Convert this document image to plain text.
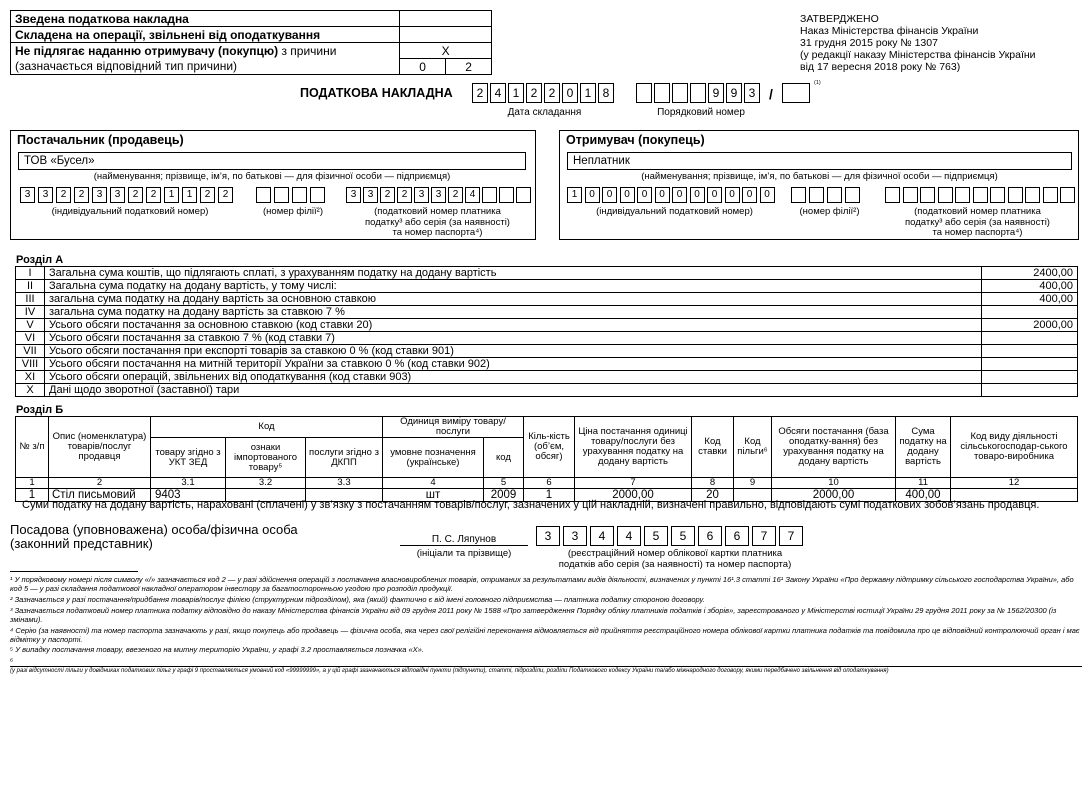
Зведена податкова накладна		
Складена на операції, звільнені від оподаткування		
Не підлягає наданню отримувачу (покупцю) з причини	Х	
(зазначається відповідний тип причини)	0	2
ЗАТВЕРДЖЕНО
Наказ Міністерства фінансів України
31 грудня 2015 року № 1307
(у редакції наказу Міністерства фінансів України
від 17 вересня 2018 року № 763)
ПОДАТКОВА НАКЛАДНА	2 4 1 2 2 0 1 8	9 9 3 /
(1)
Дата складання	Порядковий номер
Постачальник (продавець)
ТОВ «Бусел»
(найменування; прізвище, ім’я, по батькові — для фізичної особи — підприємця)
3	3	2	2	3	3	2	2	1	1	2	2	3	3	2	2	3	3	2	4
(індивідуальний податковий номер)	(номер філії²)	(податковий номер платника
податку³ або серія (за наявності)
та номер паспорта⁴)
Отримувач (покупець)
Неплатник
(найменування; прізвище, ім’я, по батькові — для фізичної особи — підприємця)
1	0	0	0	0	0	0	0	0	0	0	0
(індивідуальний податковий номер)	(номер філії²)	(податковий номер платника
податку³ або серія (за наявності)
та номер паспорта⁴)
Розділ А
I	Загальна сума коштів, що підлягають сплаті, з урахуванням податку на додану вартість	2400,00
II	Загальна сума податку на додану вартість, у тому числі:	400,00
III	загальна сума податку на додану вартість за основною ставкою	400,00
IV	загальна сума податку на додану вартість за ставкою 7 %	
V	Усього обсяги постачання за основною ставкою (код ставки 20)	2000,00
VI	Усього обсяги постачання за ставкою 7 % (код ставки 7)	
VII	Усього обсяги постачання при експорті товарів за ставкою 0 % (код ставки 901)	
VIII	Усього обсяги постачання на митній території України за ставкою 0 % (код ставки 902)	
XI	Усього обсяги операцій, звільнених від оподаткування (код ставки 903)	
X	Дані щодо зворотної (заставної) тари	
Розділ Б
№ з/п	Опис (номенклатура) товарів/послуг продавця	Код			Одиниця виміру товару/послуги		Кіль-кість (об’єм, обсяг)	Ціна постачання одиниці товару/послуги без урахування податку на додану вартість	Код ставки	Код пільги⁶	Обсяги постачання (база оподатку-вання) без урахування податку на додану вартість	Сума податку на додану вартість	Код виду діяльності сільськогосподар-ського товаро-виробника
		товару згідно з УКТ ЗЕД	ознаки імпортованого товару⁵	послуги згідно з ДКПП	умовне позначення (українське)	код							
1	2	3.1	3.2	3.3	4	5	6	7	8	9	10	11	12
1	Стіл письмовий	9403			шт	2009	1	2000,00	20		2000,00	400,00	
Суми податку на додану вартість, нараховані (сплачені) у зв’язку з постачанням товарів/послуг, зазначених у цій накладній, визначені правильно, відповідають сумі податкових зобов’язань продавця.
Посадова (уповноважена) особа/фізична особа
(законний представник)	П. С. Ляпунов
(ініціали та прізвище)
3	3	4	4	5	5	6	6	7	7
(реєстраційний номер облікової картки платника
податків або серія (за наявності) та номер паспорта)

¹ У порядковому номері після символу «/» зазначається код 2 — у разі здійснення операцій з постачання власновироблених товарів, отриманих за результатами видів діяльності, визначених у пункті 16¹.3 статті 16¹ Закону України «Про державну підтримку сільського господарства України», або код 5 — у разі складання податкової накладної оператором інвестору за багатосторонньою угодою про розподіл продукції.

² Зазначається у разі постачання/придбання товарів/послуг філією (структурним підрозділом), яка (який) фактично є від імені головного підприємства — платника податку стороною договору.

³ Зазначається податковий номер платника податку відповідно до наказу Міністерства фінансів України від 09 грудня 2011 року № 1588 «Про затвердження Порядку обліку платників податків і зборів», зареєстрованого у Міністерстві юстиції України 29 грудня 2011 року за № 1562/20300 (із змінами).

⁴ Серію (за наявності) та номер паспорта зазначають у разі, якщо покупець або продавець — фізична особа, яка через свої релігійні переконання відмовляється від прийняття реєстраційного номера облікової картки платника податків та повідомила про це відповідний контролюючий орган і має відмітку у паспорті.

⁵ У випадку постачання товару, ввезеного на митну територію України, у графі 3.2 проставляється позначка «Х».

⁶

(у разі відсутності пільги у довідниках податкових пільг у графі 9 проставляється умовний код «99999999», а у цій графі зазначаються відповідні пункти (підпункти), статті, підрозділи, розділи Податкового кодексу України та/або міжнародного договору, якими передбачено звільнення від оподаткування)
